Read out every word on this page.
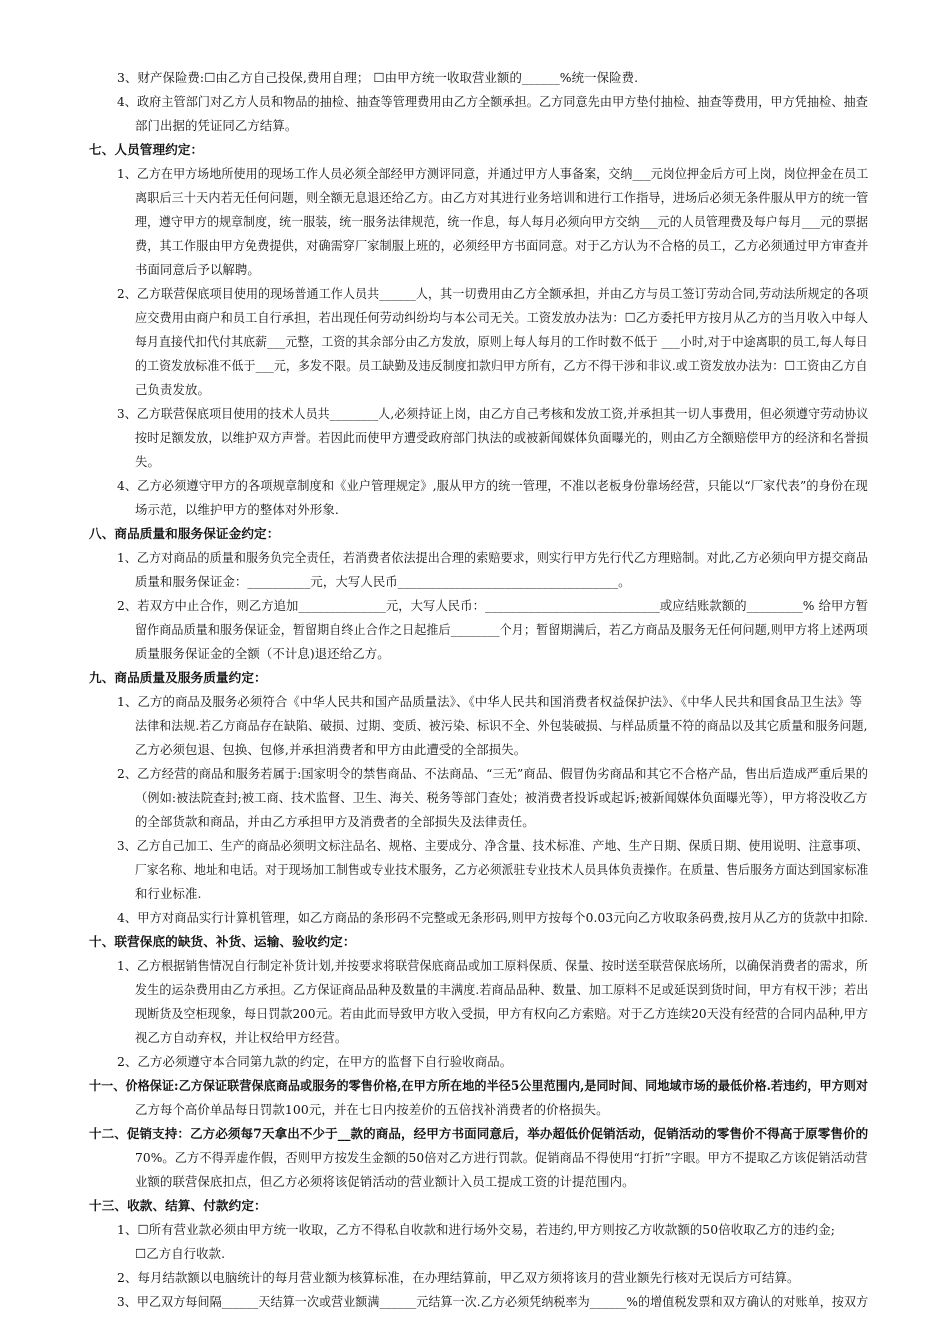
3、财产保险费:☐由乙方自己投保,费用自理； ☐由甲方统一收取营业额的______%统一保险费.
4、政府主管部门对乙方人员和物品的抽检、抽查等管理费用由乙方全额承担。乙方同意先由甲方垫付抽检、抽查等费用，甲方凭抽检、抽查
部门出据的凭证同乙方结算。
七、人员管理约定：
1、乙方在甲方场地所使用的现场工作人员必须全部经甲方测评同意，并通过甲方人事备案，交纳___元岗位押金后方可上岗，岗位押金在员工
离职后三十天内若无任何问题，则全额无息退还给乙方。由乙方对其进行业务培训和进行工作指导，进场后必须无条件服从甲方的统一管
理，遵守甲方的规章制度，统一服装，统一服务法律规范，统一作息，每人每月必须向甲方交纳___元的人员管理费及每户每月___元的票据
费，其工作服由甲方免费提供，对确需穿厂家制服上班的，必须经甲方书面同意。对于乙方认为不合格的员工，乙方必须通过甲方审查并
书面同意后予以解聘。
2、乙方联营保底项目使用的现场普通工作人员共______人，其一切费用由乙方全额承担，并由乙方与员工签订劳动合同,劳动法所规定的各项
应交费用由商户和员工自行承担，若出现任何劳动纠纷均与本公司无关。工资发放办法为：☐乙方委托甲方按月从乙方的当月收入中每人
每月直接代扣代付其底薪___元整，工资的其余部分由乙方发放，原则上每人每月的工作时数不低于 ___小时,对于中途离职的员工,每人每日
的工资发放标准不低于___元，多发不限。员工缺勤及违反制度扣款归甲方所有，乙方不得干涉和非议.或工资发放办法为：☐工资由乙方自
己负责发放。
3、乙方联营保底项目使用的技术人员共________人,必须持证上岗，由乙方自己考核和发放工资,并承担其一切人事费用，但必须遵守劳动协议
按时足额发放，以维护双方声誉。若因此而使甲方遭受政府部门执法的或被新闻媒体负面曝光的，则由乙方全额赔偿甲方的经济和名誉损
失。
4、乙方必须遵守甲方的各项规章制度和《业户管理规定》,服从甲方的统一管理，不准以老板身份靠场经营，只能以“厂家代表”的身份在现
场示范，以维护甲方的整体对外形象.
八、商品质量和服务保证金约定：
1、乙方对商品的质量和服务负完全责任，若消费者依法提出合理的索赔要求，则实行甲方先行代乙方理赔制。对此,乙方必须向甲方提交商品
质量和服务保证金：__________元，大写人民币___________________________________。
2、若双方中止合作，则乙方追加______________元，大写人民币：____________________________或应结账款额的_________% 给甲方暂
留作商品质量和服务保证金，暂留期自终止合作之日起推后________个月；暂留期满后，若乙方商品及服务无任何问题,则甲方将上述两项
质量服务保证金的全额（不计息)退还给乙方。
九、商品质量及服务质量约定：
1、乙方的商品及服务必须符合《中华人民共和国产品质量法》、《中华人民共和国消费者权益保护法》、《中华人民共和国食品卫生法》等
法律和法规.若乙方商品存在缺陷、破损、过期、变质、被污染、标识不全、外包装破损、与样品质量不符的商品以及其它质量和服务问题,
乙方必须包退、包换、包修,并承担消费者和甲方由此遭受的全部损失。
2、乙方经营的商品和服务若属于:国家明令的禁售商品、不法商品、“三无”商品、假冒伪劣商品和其它不合格产品，售出后造成严重后果的
（例如:被法院查封;被工商、技术监督、卫生、海关、税务等部门查处；被消费者投诉或起诉;被新闻媒体负面曝光等），甲方将没收乙方
的全部货款和商品，并由乙方承担甲方及消费者的全部损失及法律责任。
3、乙方自己加工、生产的商品必须明文标注品名、规格、主要成分、净含量、技术标准、产地、生产日期、保质日期、使用说明、注意事项、
厂家名称、地址和电话。对于现场加工制售或专业技术服务，乙方必须派驻专业技术人员具体负责操作。在质量、售后服务方面达到国家标准
和行业标准.
4、甲方对商品实行计算机管理，如乙方商品的条形码不完整或无条形码,则甲方按每个0.03元向乙方收取条码费,按月从乙方的货款中扣除.
十、联营保底的缺货、补货、运输、验收约定：
1、乙方根据销售情况自行制定补货计划,并按要求将联营保底商品或加工原料保质、保量、按时送至联营保底场所，以确保消费者的需求，所
发生的运杂费用由乙方承担。乙方保证商品品种及数量的丰满度.若商品品种、数量、加工原料不足或延误到货时间，甲方有权干涉；若出
现断货及空柜现象，每日罚款200元。若由此而导致甲方收入受损，甲方有权向乙方索赔。对于乙方连续20天没有经营的合同内品种,甲方
视乙方自动弃权，并让权给甲方经营。
2、乙方必须遵守本合同第九款的约定，在甲方的监督下自行验收商品。
十一、价格保证:乙方保证联营保底商品或服务的零售价格,在甲方所在地的半径5公里范围内,是同时间、同地域市场的最低价格.若违约，甲方则对
乙方每个高价单品每日罚款100元，并在七日内按差价的五倍找补消费者的价格损失。
十二、促销支持：乙方必须每7天拿出不少于__款的商品，经甲方书面同意后，举办超低价促销活动，促销活动的零售价不得高于原零售价的
70%。乙方不得弄虚作假，否则甲方按发生金额的50倍对乙方进行罚款。促销商品不得使用“打折”字眼。甲方不提取乙方该促销活动营
业额的联营保底扣点，但乙方必须将该促销活动的营业额计入员工提成工资的计提范围内。
十三、收款、结算、付款约定：
1、☐所有营业款必须由甲方统一收取，乙方不得私自收款和进行场外交易，若违约,甲方则按乙方收款额的50倍收取乙方的违约金;
☐乙方自行收款.
2、每月结款额以电脑统计的每月营业额为核算标准，在办理结算前，甲乙双方须将该月的营业额先行核对无误后方可结算。
3、甲乙双方每间隔______天结算一次或营业额满______元结算一次.乙方必须凭纳税率为______%的增值税发票和双方确认的对账单，按双方
